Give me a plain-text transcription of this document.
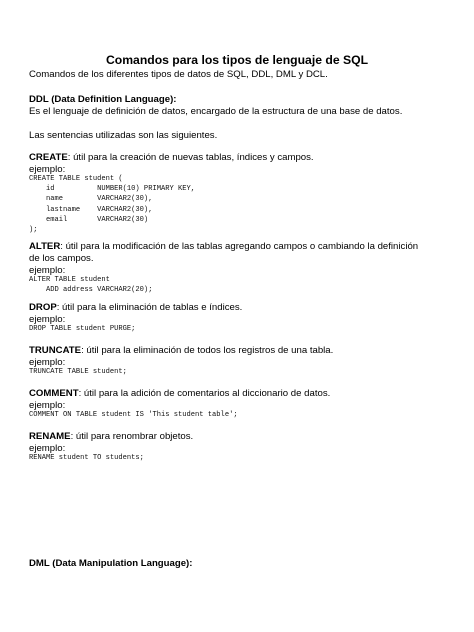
Comandos para los tipos de lenguaje de SQL

Comandos de los diferentes tipos de datos de SQL, DDL, DML y DCL.

DDL (Data Definition Language):

Es el lenguaje de definición de datos, encargado de la estructura de una base de datos.

Las sentencias utilizadas son las siguientes.

CREATE: útil para la creación de nuevas tablas, índices y campos.

ejemplo:

CREATE TABLE student (
id          NUMBER(10) PRIMARY KEY,
name        VARCHAR2(30),
lastname    VARCHAR2(30),
email       VARCHAR2(30)
);

ALTER: útil para la modificación de las tablas agregando campos o cambiando la definición

de los campos.

ejemplo:

ALTER TABLE student
ADD address VARCHAR2(20);

DROP: útil para la eliminación de tablas e índices.

ejemplo:

DROP TABLE student PURGE;

TRUNCATE: útil para la eliminación de todos los registros de una tabla.

ejemplo:

TRUNCATE TABLE student;

COMMENT: útil para la adición de comentarios al diccionario de datos.

ejemplo:

COMMENT ON TABLE student IS 'This student table';

RENAME: útil para renombrar objetos.

ejemplo:

RENAME student TO students;

DML (Data Manipulation Language):
